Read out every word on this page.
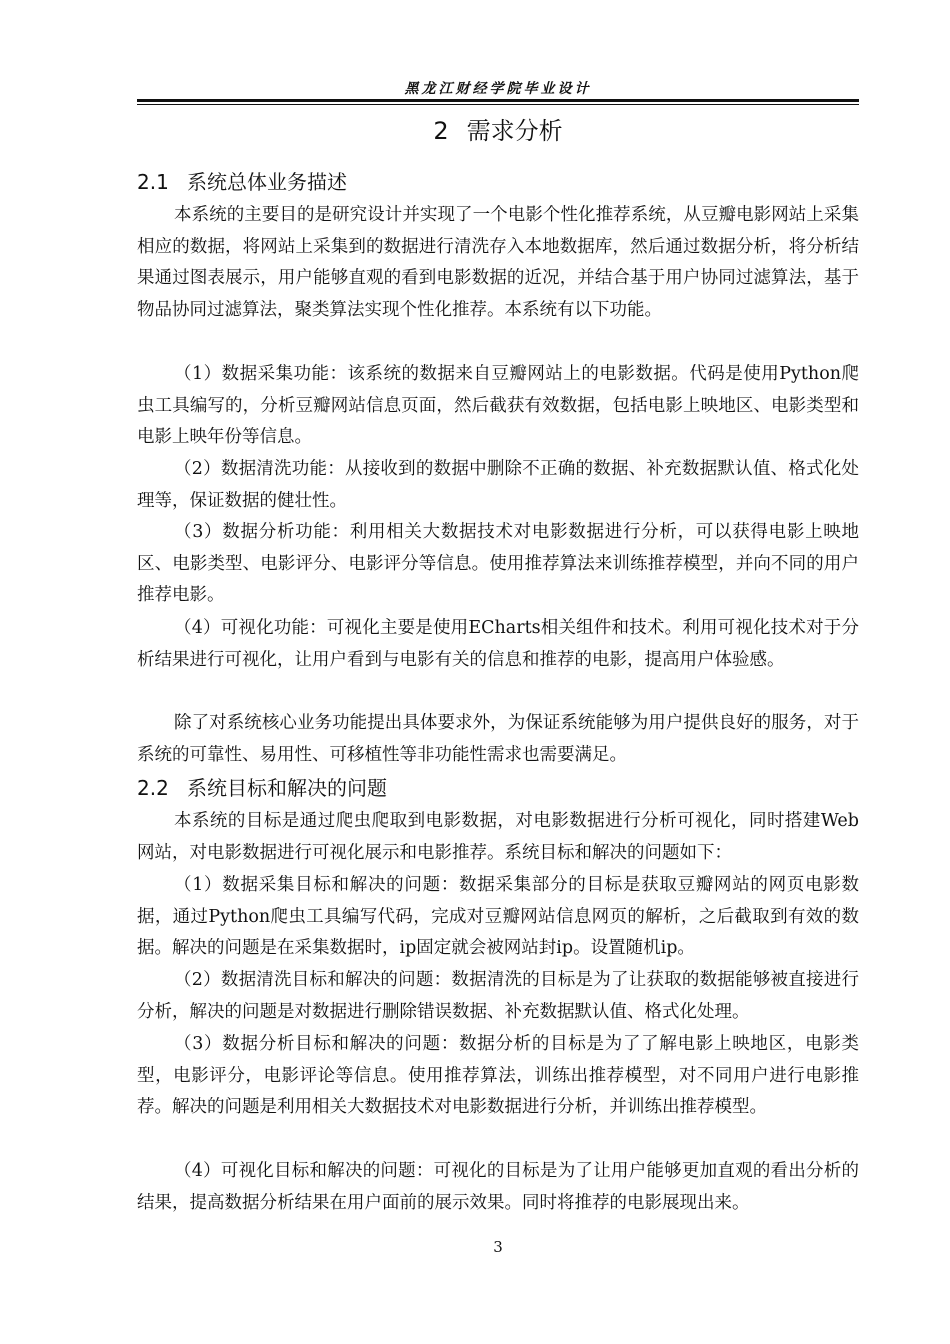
黑龙江财经学院毕业设计
2 需求分析
2.1 系统总体业务描述

本系统的主要目的是研究设计并实现了一个电影个性化推荐系统，从豆瓣电影网站上采集相应的数据，将网站上采集到的数据进行清洗存入本地数据库，然后通过数据分析，将分析结果通过图表展示，用户能够直观的看到电影数据的近况，并结合基于用户协同过滤算法，基于物品协同过滤算法，聚类算法实现个性化推荐。本系统有以下功能。

（1）数据采集功能：该系统的数据来自豆瓣网站上的电影数据。代码是使用Python爬虫工具编写的，分析豆瓣网站信息页面，然后截获有效数据，包括电影上映地区、电影类型和电影上映年份等信息。

（2）数据清洗功能：从接收到的数据中删除不正确的数据、补充数据默认值、格式化处理等，保证数据的健壮性。

（3）数据分析功能：利用相关大数据技术对电影数据进行分析，可以获得电影上映地区、电影类型、电影评分、电影评分等信息。使用推荐算法来训练推荐模型，并向不同的用户推荐电影。

（4）可视化功能：可视化主要是使用ECharts相关组件和技术。利用可视化技术对于分析结果进行可视化，让用户看到与电影有关的信息和推荐的电影，提高用户体验感。

除了对系统核心业务功能提出具体要求外，为保证系统能够为用户提供良好的服务，对于系统的可靠性、易用性、可移植性等非功能性需求也需要满足。

2.2 系统目标和解决的问题

本系统的目标是通过爬虫爬取到电影数据，对电影数据进行分析可视化，同时搭建Web网站，对电影数据进行可视化展示和电影推荐。系统目标和解决的问题如下：

（1）数据采集目标和解决的问题：数据采集部分的目标是获取豆瓣网站的网页电影数据，通过Python爬虫工具编写代码，完成对豆瓣网站信息网页的解析，之后截取到有效的数据。解决的问题是在采集数据时，ip固定就会被网站封ip。设置随机ip。

（2）数据清洗目标和解决的问题：数据清洗的目标是为了让获取的数据能够被直接进行分析，解决的问题是对数据进行删除错误数据、补充数据默认值、格式化处理。

（3）数据分析目标和解决的问题：数据分析的目标是为了了解电影上映地区，电影类型，电影评分，电影评论等信息。使用推荐算法，训练出推荐模型，对不同用户进行电影推荐。解决的问题是利用相关大数据技术对电影数据进行分析，并训练出推荐模型。

（4）可视化目标和解决的问题：可视化的目标是为了让用户能够更加直观的看出分析的结果，提高数据分析结果在用户面前的展示效果。同时将推荐的电影展现出来。

3
